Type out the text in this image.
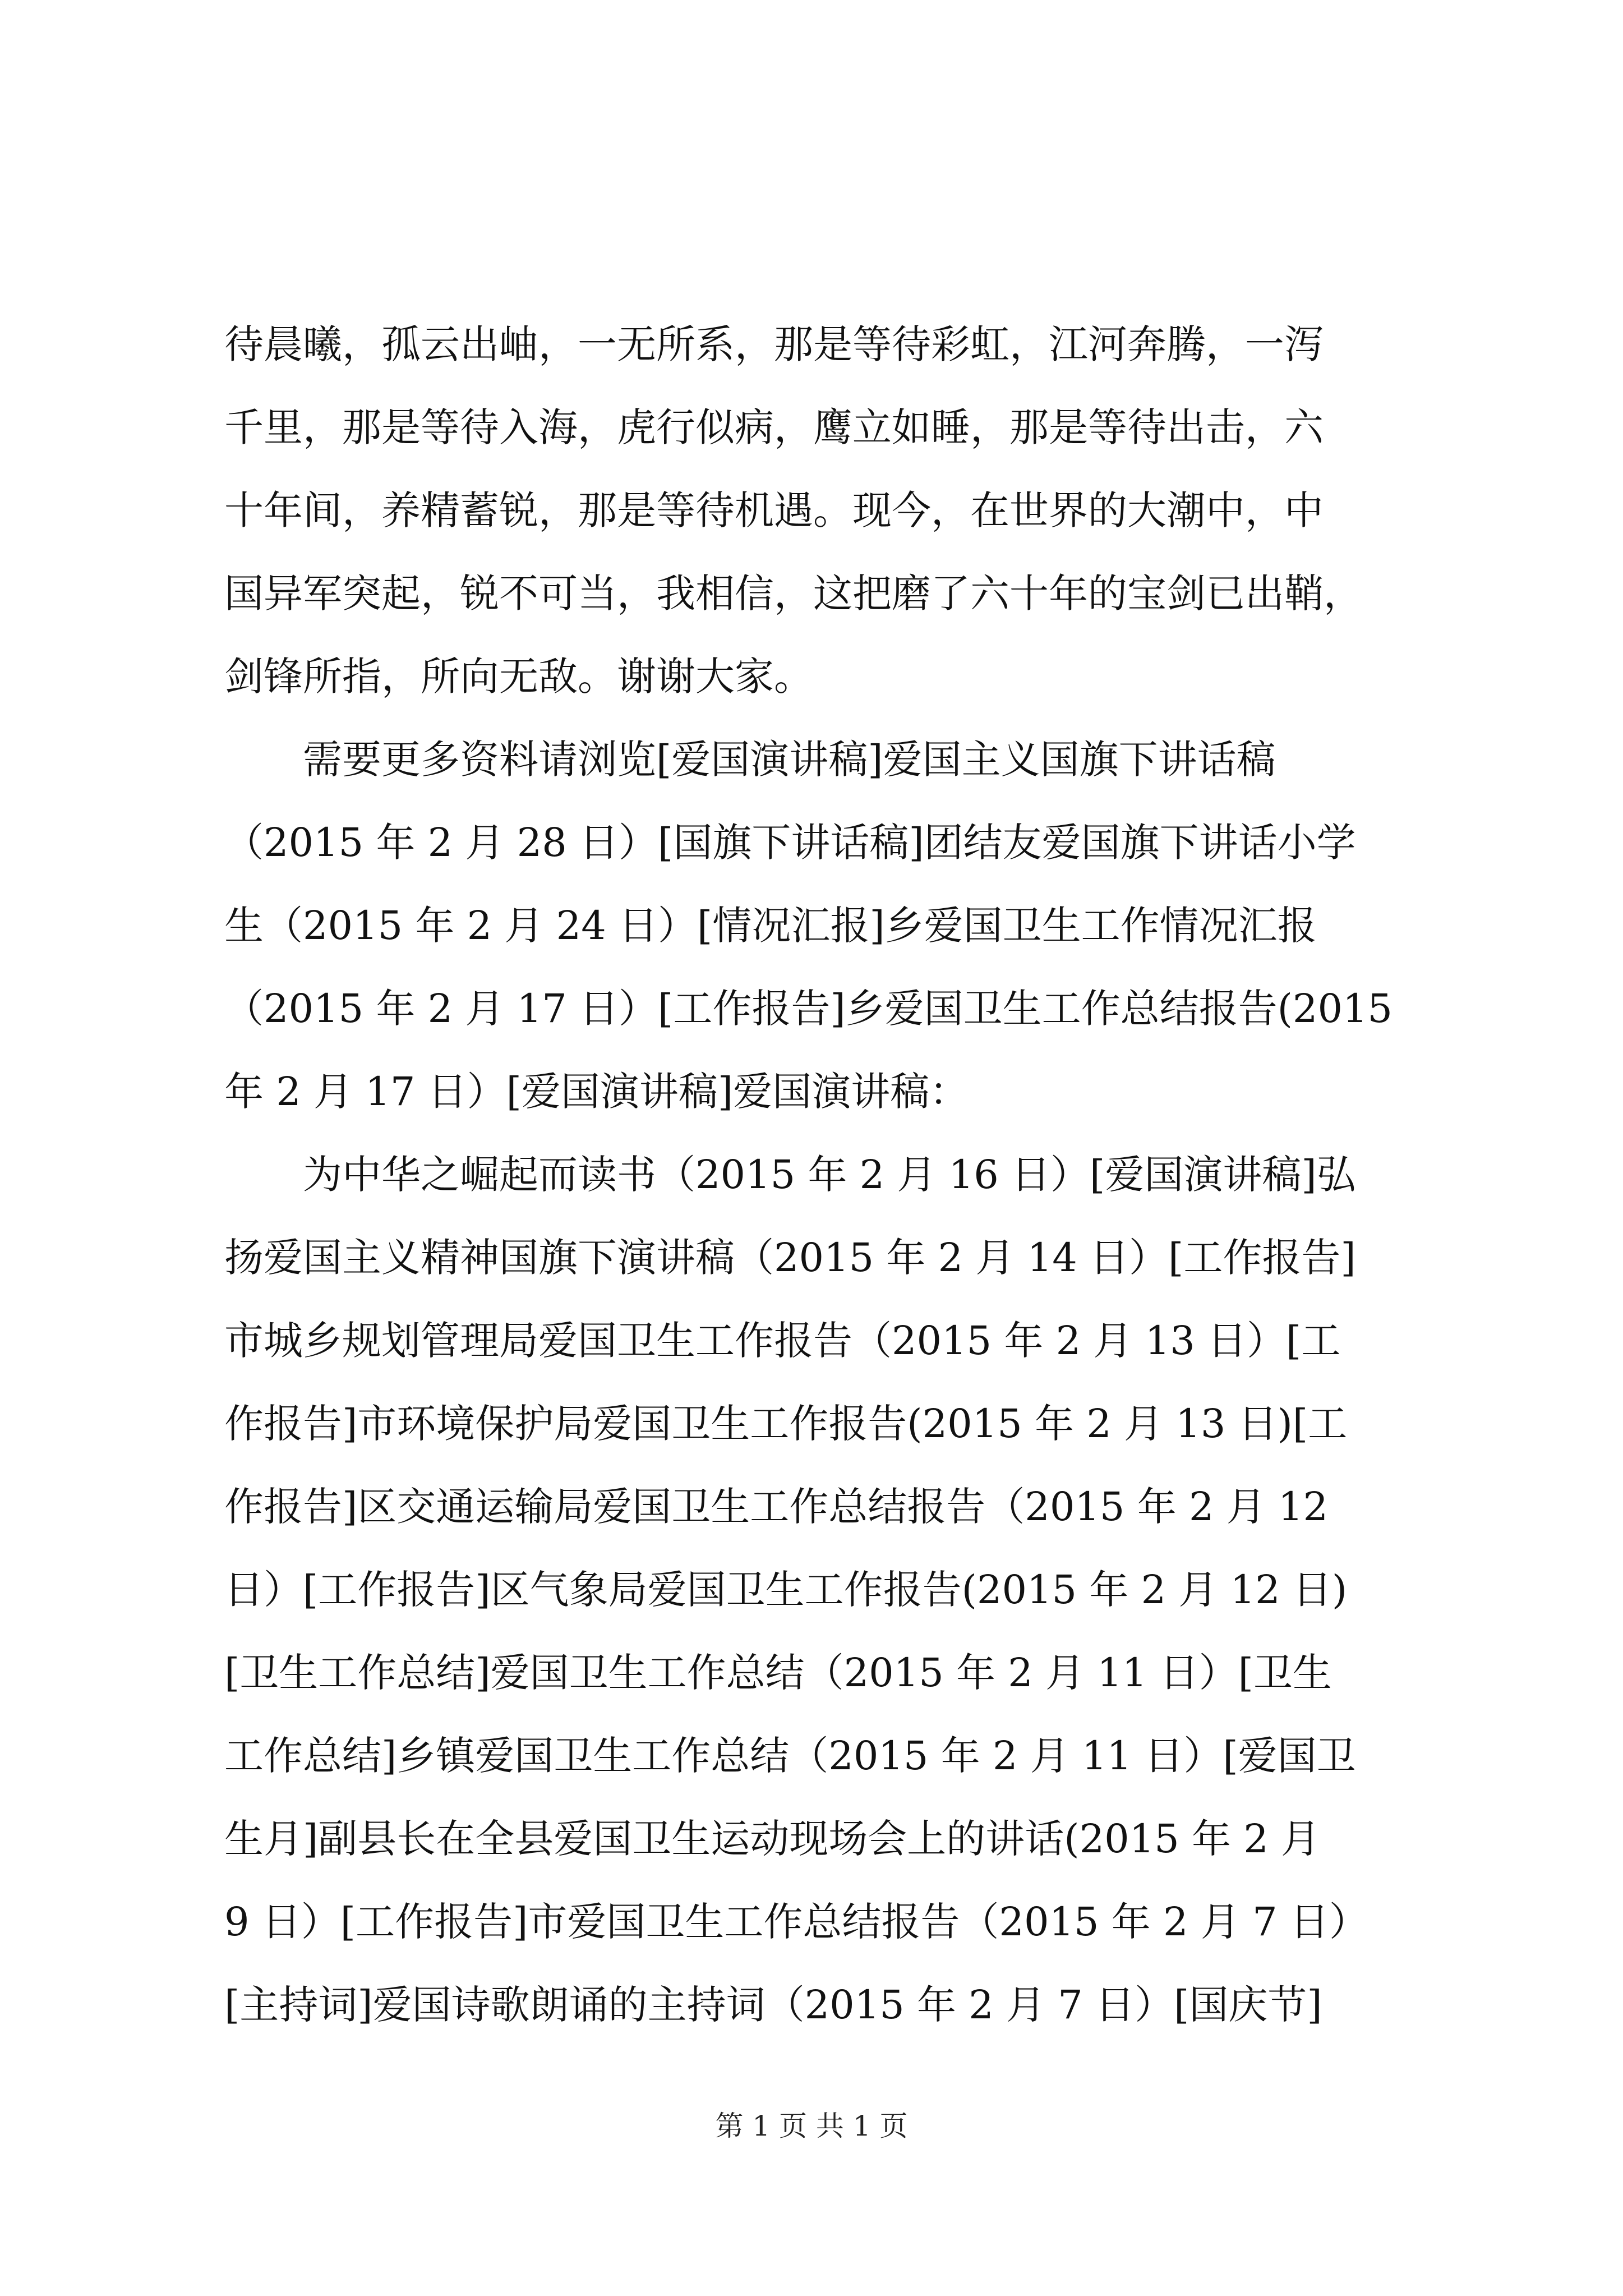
待晨曦，孤云出岫，一无所系，那是等待彩虹，江河奔腾，一泻
千里，那是等待入海，虎行似病，鹰立如睡，那是等待出击，六
十年间，养精蓄锐，那是等待机遇。现今，在世界的大潮中，中
国异军突起，锐不可当，我相信，这把磨了六十年的宝剑已出鞘，
剑锋所指，所向无敌。谢谢大家。
需要更多资料请浏览[爱国演讲稿]爱国主义国旗下讲话稿
（2015 年 2 月 28 日）[国旗下讲话稿]团结友爱国旗下讲话小学
生（2015 年 2 月 24 日）[情况汇报]乡爱国卫生工作情况汇报
（2015 年 2 月 17 日）[工作报告]乡爱国卫生工作总结报告(2015
年 2 月 17 日）[爱国演讲稿]爱国演讲稿：
为中华之崛起而读书（2015 年 2 月 16 日）[爱国演讲稿]弘
扬爱国主义精神国旗下演讲稿（2015 年 2 月 14 日）[工作报告]
市城乡规划管理局爱国卫生工作报告（2015 年 2 月 13 日）[工
作报告]市环境保护局爱国卫生工作报告(2015 年 2 月 13 日)[工
作报告]区交通运输局爱国卫生工作总结报告（2015 年 2 月 12
日）[工作报告]区气象局爱国卫生工作报告(2015 年 2 月 12 日)
[卫生工作总结]爱国卫生工作总结（2015 年 2 月 11 日）[卫生
工作总结]乡镇爱国卫生工作总结（2015 年 2 月 11 日）[爱国卫
生月]副县长在全县爱国卫生运动现场会上的讲话(2015 年 2 月
9 日）[工作报告]市爱国卫生工作总结报告（2015 年 2 月 7 日）
[主持词]爱国诗歌朗诵的主持词（2015 年 2 月 7 日）[国庆节]
第 1 页 共 1 页
